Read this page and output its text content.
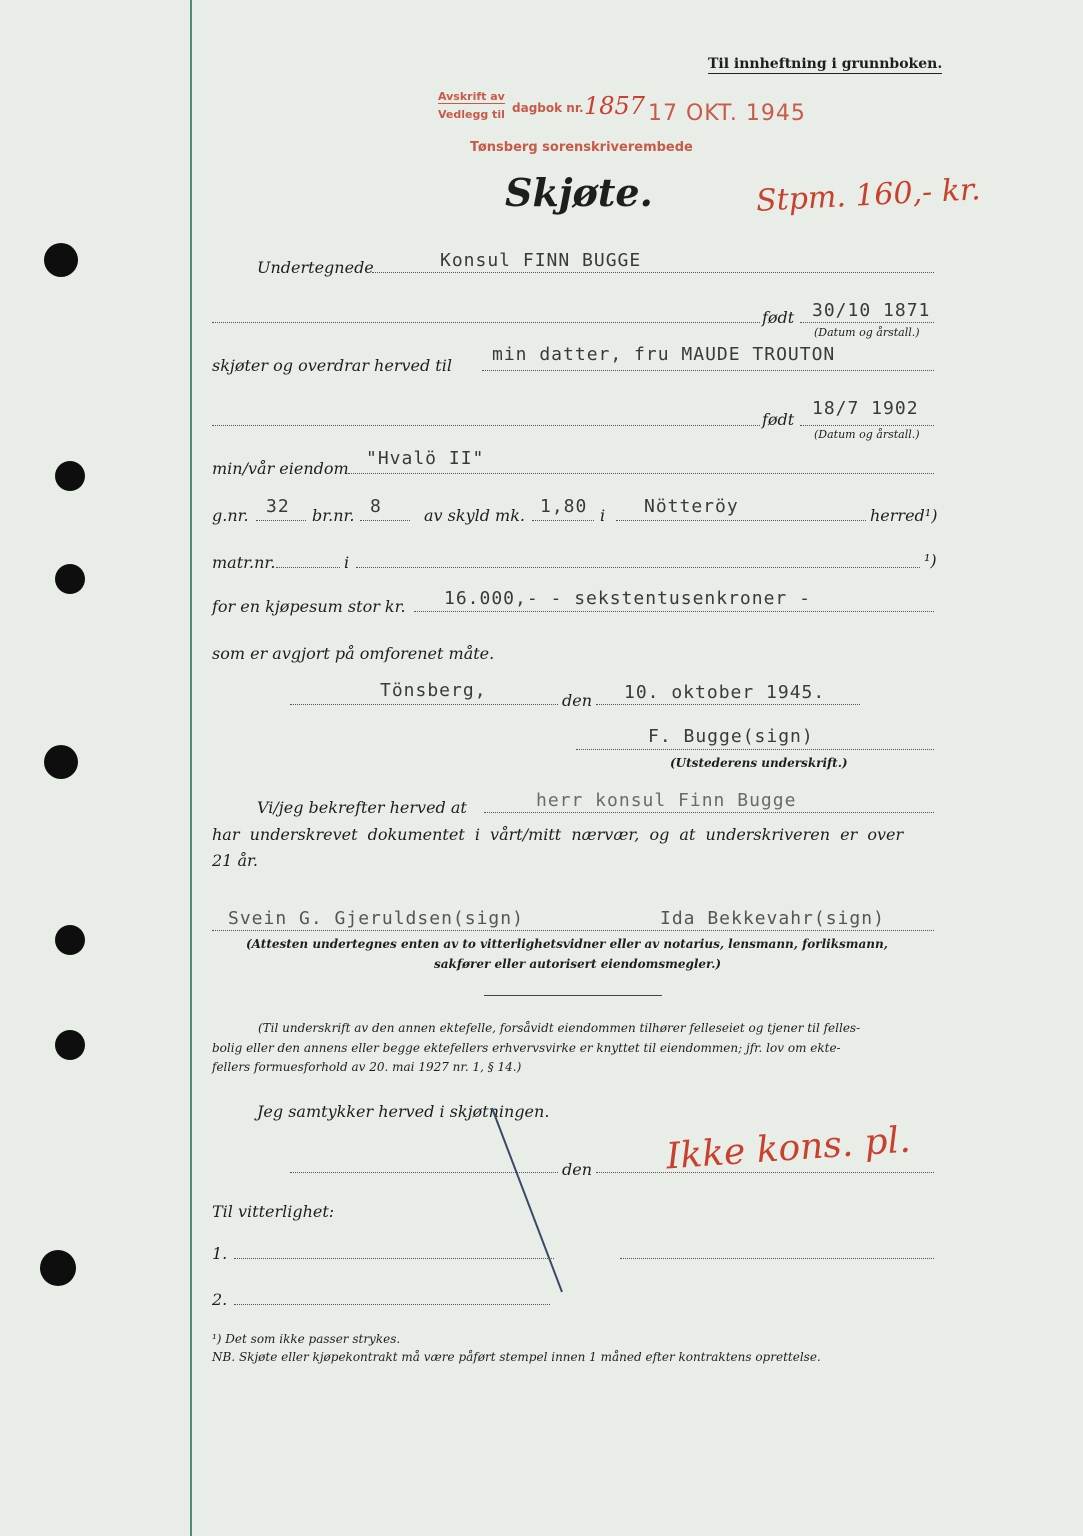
Til innheftning i grunnboken.
Avskrift av
Vedlegg til dagbok nr. 1857 17 OKT. 1945
Tønsberg sorenskriverembede
Skjøte.	Stpm. 160,- kr.
Undertegnede	Konsul FINN BUGGE
født 30/10 1871
(Datum og årstall.)
skjøter og overdrar herved til
min datter, fru MAUDE TROUTON
født
18/7 1902
(Datum og årstall.)
min/vår eiendom "Hvalö II"
g.nr. 32 br.nr. 8	av skyld mk. 1,80 i Nötteröy	herred¹)
matr.nr.	i	¹)
for en kjøpesum stor kr. 16.000,- - sekstentusenkroner -
som er avgjort på omforenet måte.
Tönsberg,	den 10. oktober 1945.
F. Bugge(sign)
(Utstederens underskrift.)
Vi/jeg bekrefter herved at	herr konsul Finn Bugge
har underskrevet dokumentet i vårt/mitt nærvær, og at underskriveren er over
21 år.
Svein G. Gjeruldsen(sign)	Ida Bekkevahr(sign)
(Attesten undertegnes enten av to vitterlighetsvidner eller av notarius, lensmann, forliksmann,
sakfører eller autorisert eiendomsmegler.)
(Til underskrift av den annen ektefelle, forsåvidt eiendommen tilhører felleseiet og tjener til felles-
bolig eller den annens eller begge ektefellers erhvervsvirke er knyttet til eiendommen; jfr. lov om ekte-
fellers formuesforhold av 20. mai 1927 nr. 1, § 14.)
Jeg samtykker herved i skjøtningen.
den Ikke kons. pl.
Til vitterlighet:
1.
2.
¹) Det som ikke passer strykes.
NB. Skjøte eller kjøpekontrakt må være påført stempel innen 1 måned efter kontraktens oprettelse.
